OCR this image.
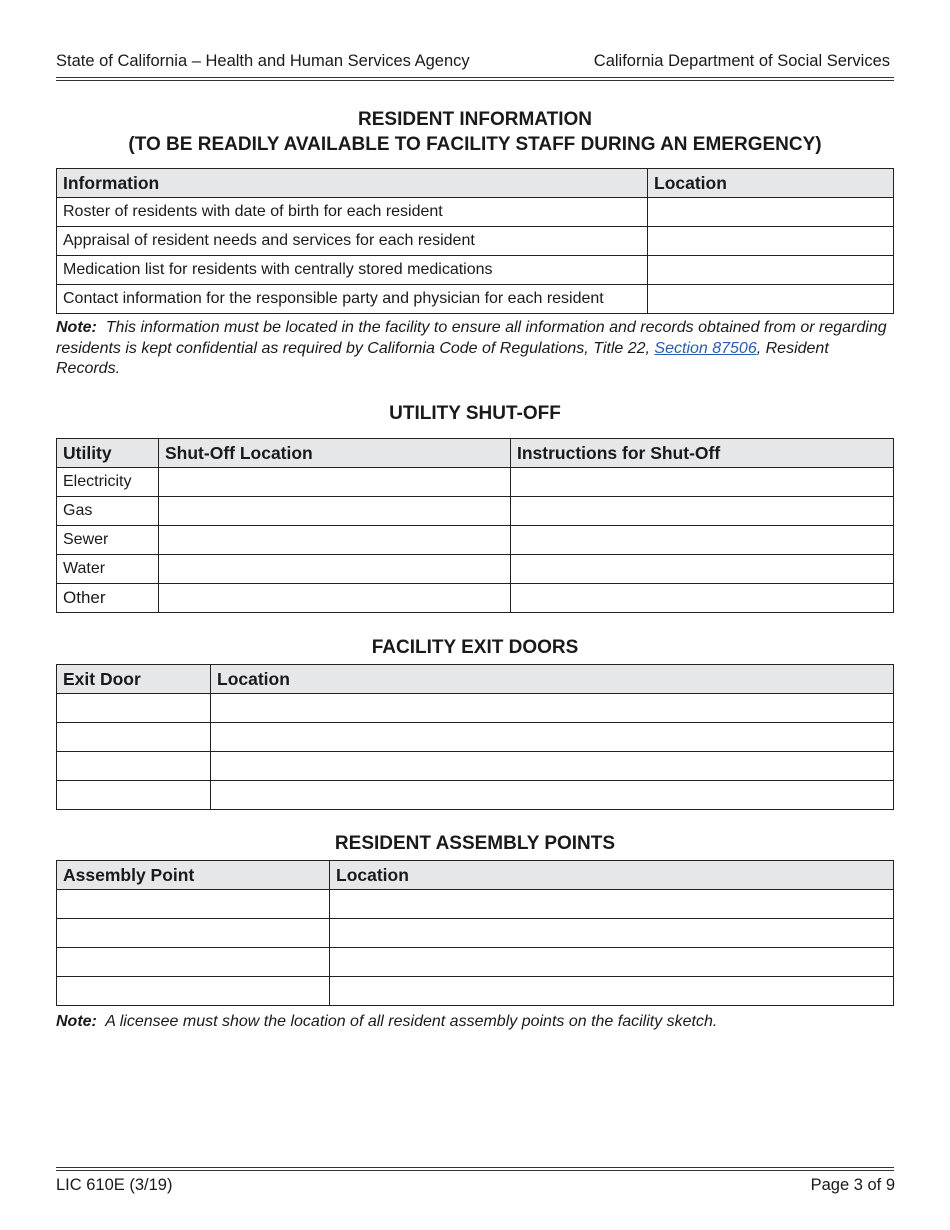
State of California – Health and Human Services Agency	California Department of Social Services
RESIDENT INFORMATION
(TO BE READILY AVAILABLE TO FACILITY STAFF DURING AN EMERGENCY)
Information	Location
Roster of residents with date of birth for each resident	
Appraisal of resident needs and services for each resident	
Medication list for residents with centrally stored medications	
Contact information for the responsible party and physician for each resident	
Note: This information must be located in the facility to ensure all information and records obtained from or regarding residents is kept confidential as required by California Code of Regulations, Title 22, Section 87506, Resident Records.
UTILITY SHUT-OFF
Utility	Shut-Off Location	Instructions for Shut-Off
Electricity		
Gas		
Sewer		
Water		
Other		
FACILITY EXIT DOORS
Exit Door	Location

RESIDENT ASSEMBLY POINTS
Assembly Point	Location

Note: A licensee must show the location of all resident assembly points on the facility sketch.
LIC 610E (3/19)	Page 3 of 9
